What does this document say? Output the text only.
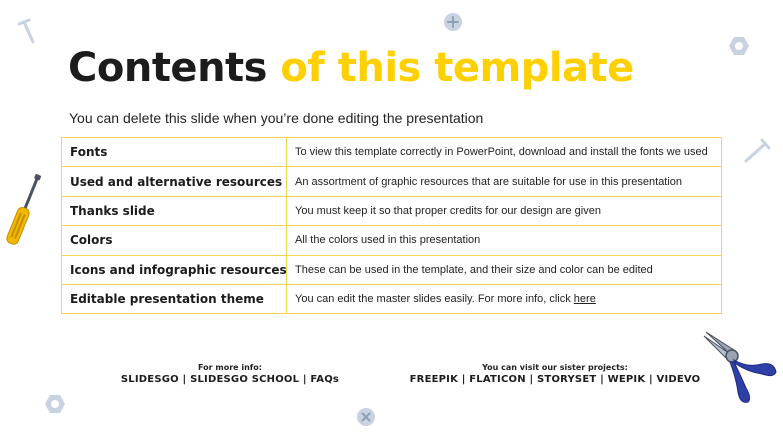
Contents of this template
You can delete this slide when you’re done editing the presentation
Fonts	To view this template correctly in PowerPoint, download and install the fonts we used
Used and alternative resources	An assortment of graphic resources that are suitable for use in this presentation
Thanks slide	You must keep it so that proper credits for our design are given
Colors	All the colors used in this presentation
Icons and infographic resources	These can be used in the template, and their size and color can be edited
Editable presentation theme	You can edit the master slides easily. For more info, click here
For more info:
SLIDESGO | SLIDESGO SCHOOL | FAQs
You can visit our sister projects:
FREEPIK | FLATICON | STORYSET | WEPIK | VIDEVO
